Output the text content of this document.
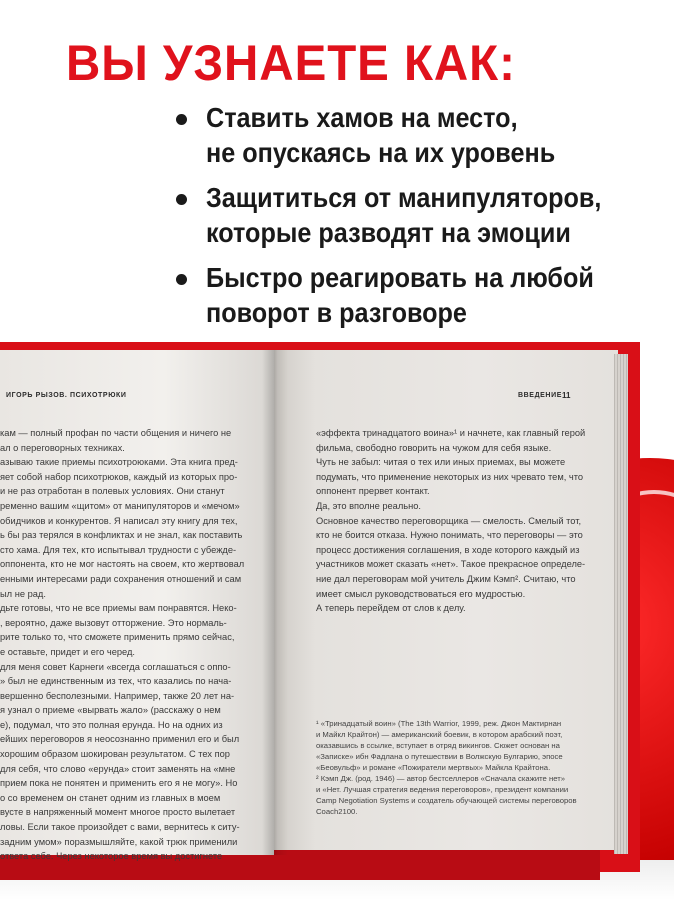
ВЫ УЗНАЕТЕ КАК:
Ставить хамов на место,
не опускаясь на их уровень
Защититься от манипуляторов,
которые разводят на эмоции
Быстро реагировать на любой
поворот в разговоре

ИГОРЬ РЫЗОВ. ПСИХОТРЮКИ	ВВЕДЕНИЕ 11

кам — полный профан по части общения и ничего не

ал о переговорных техниках.

азываю такие приемы психотроюками. Эта книга пред-

яет собой набор психотрюков, каждый из которых про-

и не раз отработан в полевых условиях. Они станут

ременно вашим «щитом» от манипуляторов и «мечом»

обидчиков и конкурентов. Я написал эту книгу для тех,

ь бы раз терялся в конфликтах и не знал, как поставить

сто хама. Для тех, кто испытывал трудности с убежде-

оппонента, кто не мог настоять на своем, кто жертвовал

енными интересами ради сохранения отношений и сам

ыл не рад.

дьте готовы, что не все приемы вам понравятся. Неко-

, вероятно, даже вызовут отторжение. Это нормаль-

рите только то, что сможете применить прямо сейчас,

е оставьте, придет и его черед.

для меня совет Карнеги «всегда соглашаться с оппо-

» был не единственным из тех, что казались по нача-

вершенно бесполезными. Например, также 20 лет на-

я узнал о приеме «вырвать жало» (расскажу о нем

е), подумал, что это полная ерунда. Но на одних из

ейших переговоров я неосознанно применил его и был

хорошим образом шокирован результатом. С тех пор

для себя, что слово «ерунда» стоит заменять на «мне

прием пока не понятен и применить его я не могу». Но

о со временем он станет одним из главных в моем

вусте в напряженный момент многое просто вылетает

ловы. Если такое произойдет с вами, вернитесь к ситу-

задним умом» поразмышляйте, какой трюк применили

ответа себе. Через некоторое время вы достигнете

«эффекта тринадцатого воина»¹ и начнете, как главный герой

фильма, свободно говорить на чужом для себя языке.

Чуть не забыл: читая о тех или иных приемах, вы можете

подумать, что применение некоторых из них чревато тем, что

оппонент прервет контакт.

Да, это вполне реально.

Основное качество переговорщика — смелость. Смелый тот,

кто не боится отказа. Нужно понимать, что переговоры — это

процесс достижения соглашения, в ходе которого каждый из

участников может сказать «нет». Такое прекрасное определе-

ние дал переговорам мой учитель Джим Кэмп². Считаю, что

имеет смысл руководствоваться его мудростью.

А теперь перейдем от слов к делу.

¹ «Тринадцатый воин» (The 13th Warrior, 1999, реж. Джон Мактирнан

и Майкл Крайтон) — американский боевик, в котором арабский поэт,

оказавшись в ссылке, вступает в отряд викингов. Сюжет основан на

«Записке» ибн Фадлана о путешествии в Волжскую Булгарию, эпосе

«Беовульф» и романе «Пожиратели мертвых» Майкла Крайтона.

² Кэмп Дж. (род. 1946) — автор бестселлеров «Сначала скажите нет»

и «Нет. Лучшая стратегия ведения переговоров», президент компании

Camp Negotiation Systems и создатель обучающей системы переговоров

Coach2100.
